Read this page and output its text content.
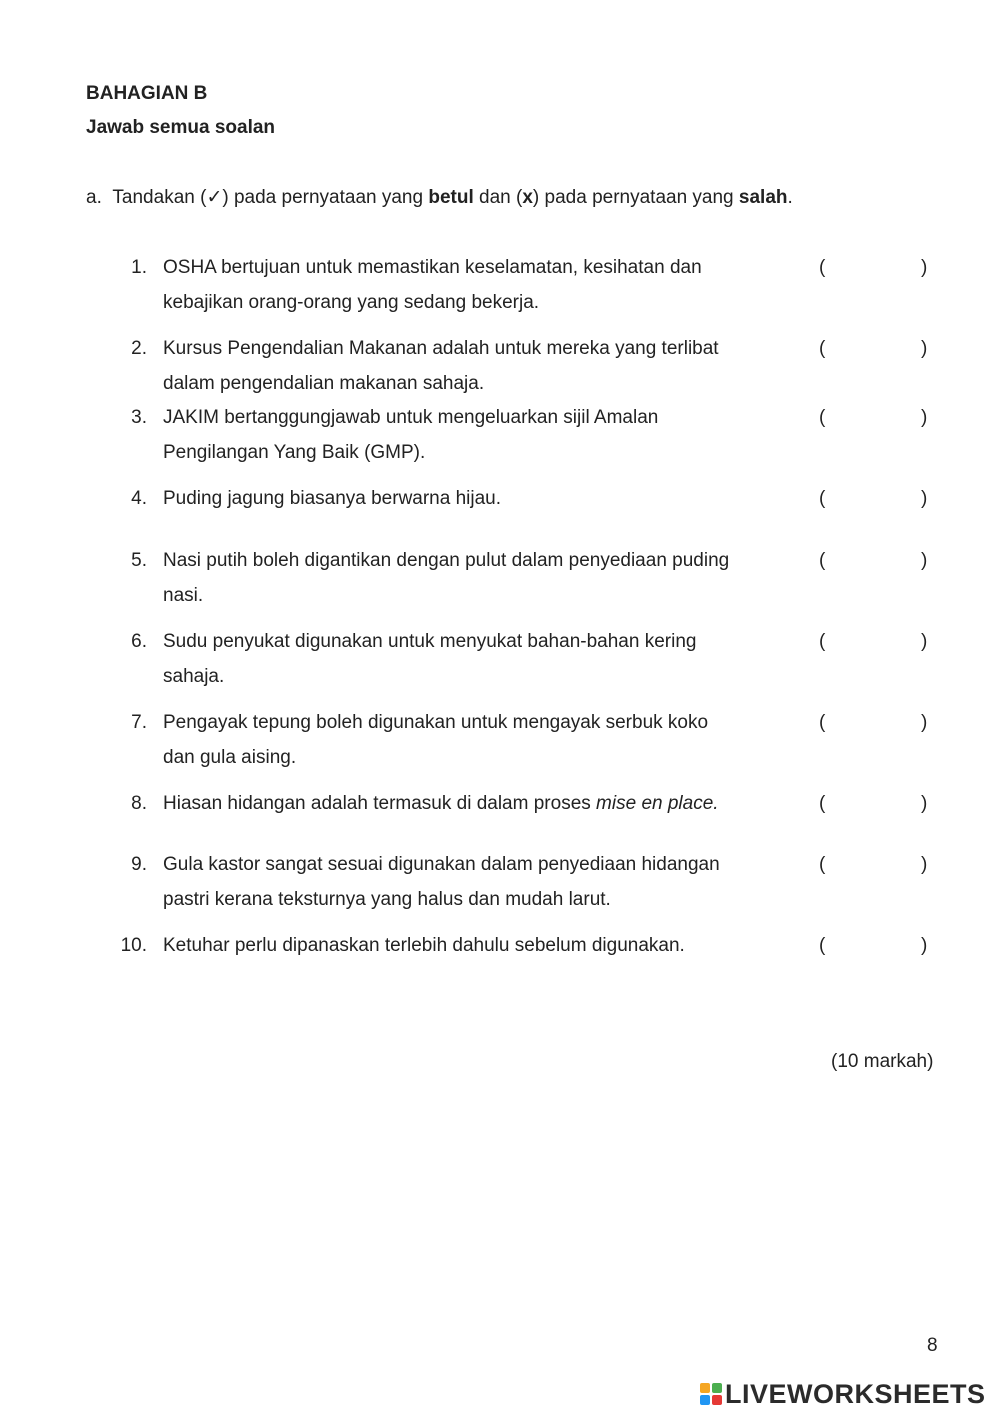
BAHAGIAN B
Jawab semua soalan
a. Tandakan (✓) pada pernyataan yang betul dan (x) pada pernyataan yang salah.
1. OSHA bertujuan untuk memastikan keselamatan, kesihatan dan
kebajikan orang-orang yang sedang bekerja.
(	)
2. Kursus Pengendalian Makanan adalah untuk mereka yang terlibat
dalam pengendalian makanan sahaja.
(	)
3. JAKIM bertanggungjawab untuk mengeluarkan sijil Amalan
Pengilangan Yang Baik (GMP).
(	)
4. Puding jagung biasanya berwarna hijau.	(	)
5. Nasi putih boleh digantikan dengan pulut dalam penyediaan puding
nasi.
(	)
6. Sudu penyukat digunakan untuk menyukat bahan-bahan kering
sahaja.
(	)
7. Pengayak tepung boleh digunakan untuk mengayak serbuk koko
dan gula aising.
(	)
8. Hiasan hidangan adalah termasuk di dalam proses mise en place.	(	)
9. Gula kastor sangat sesuai digunakan dalam penyediaan hidangan
pastri kerana teksturnya yang halus dan mudah larut.
(	)
10. Ketuhar perlu dipanaskan terlebih dahulu sebelum digunakan.	(	)
(10 markah)
8
LIVEWORKSHEETS
